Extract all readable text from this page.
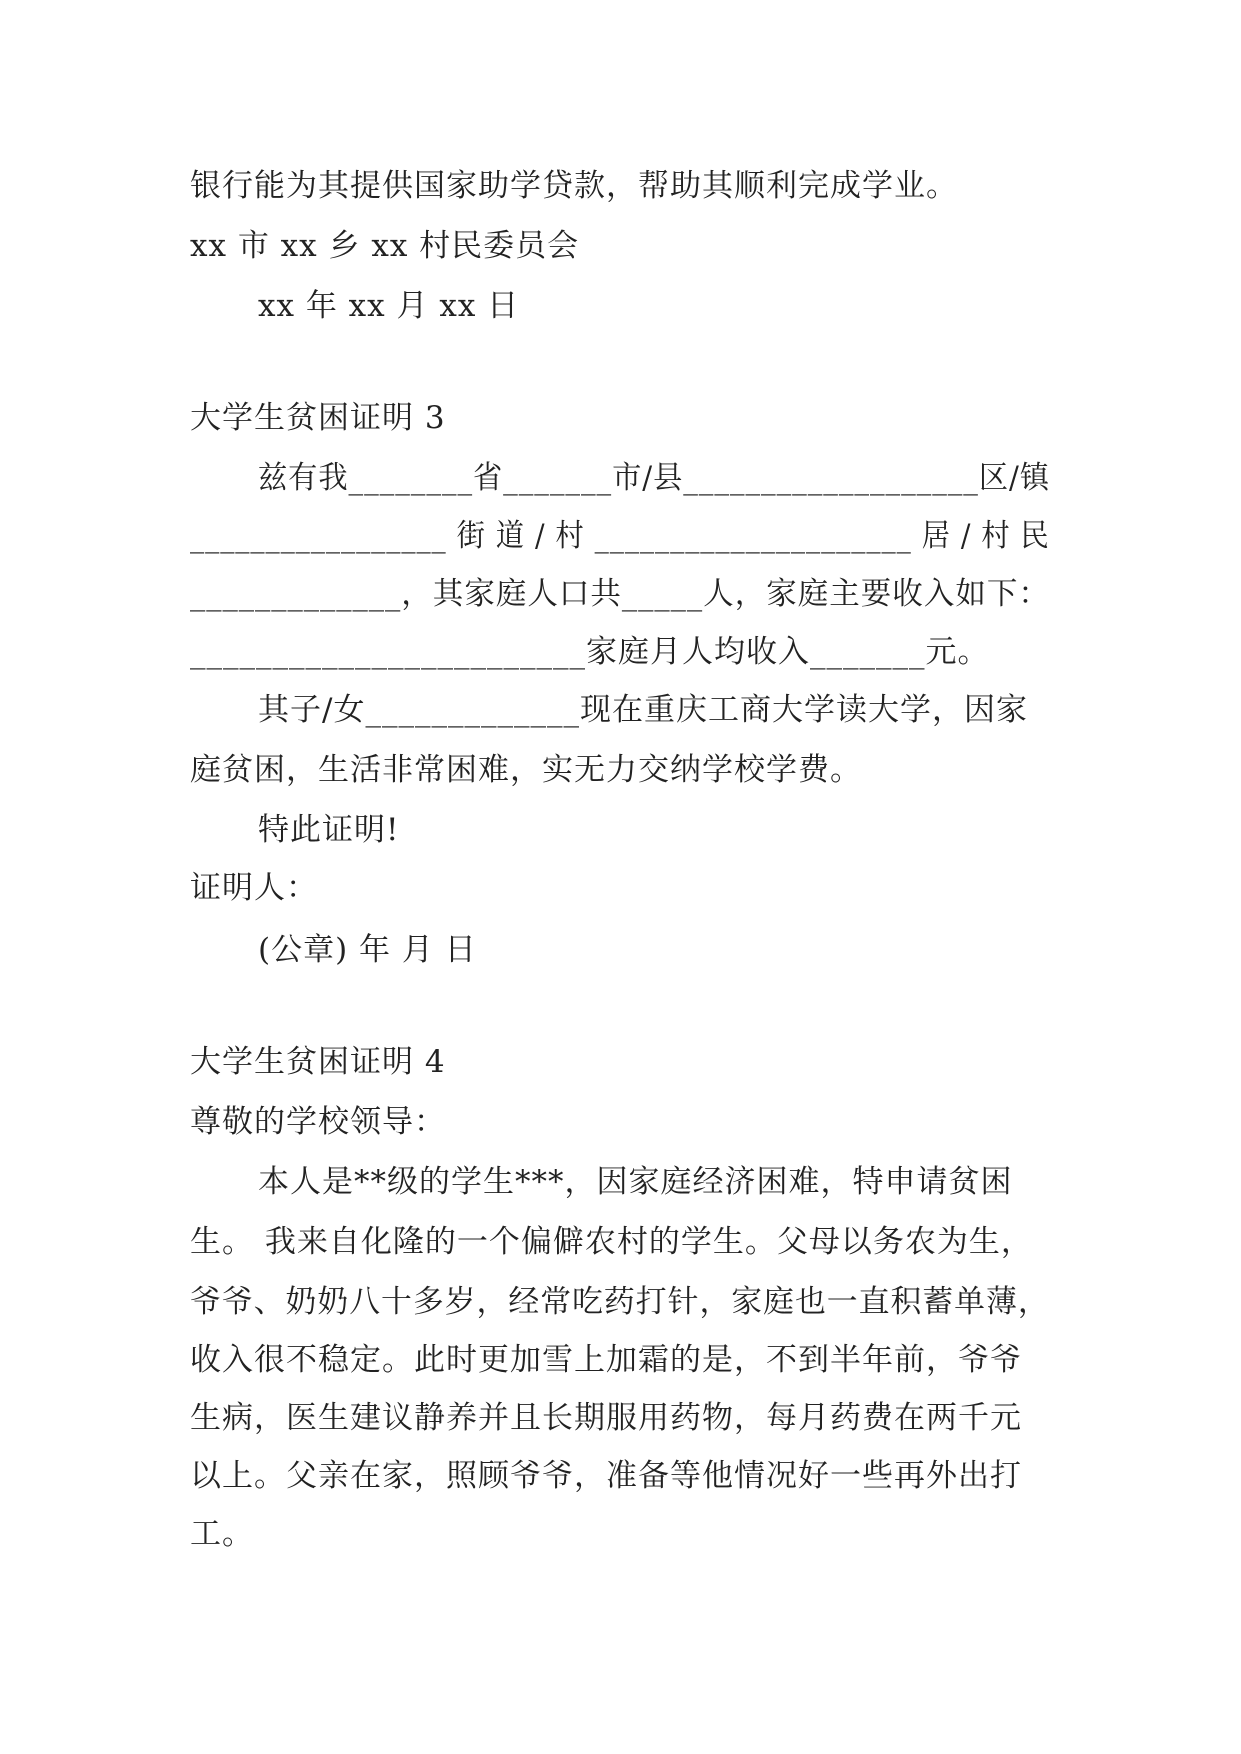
银行能为其提供国家助学贷款，帮助其顺利完成学业。
xx 市 xx 乡 xx 村民委员会
xx 年 xx 月 xx 日
大学生贫困证明 3
兹有我________省_______市/县___________________区/镇
_________________ 街 道 / 村 _____________________ 居 / 村 民
_____________，其家庭人口共_____人，家庭主要收入如下：
________________________家庭月人均收入_______元。
其子/女_____________现在重庆工商大学读大学，因家
庭贫困，生活非常困难，实无力交纳学校学费。
特此证明!
证明人：
(公章) 年 月 日
大学生贫困证明 4
尊敬的学校领导：
本人是**级的学生***，因家庭经济困难，特申请贫困
生。 我来自化隆的一个偏僻农村的学生。父母以务农为生，
爷爷、奶奶八十多岁，经常吃药打针，家庭也一直积蓄单薄，
收入很不稳定。此时更加雪上加霜的是，不到半年前，爷爷
生病，医生建议静养并且长期服用药物，每月药费在两千元
以上。父亲在家，照顾爷爷，准备等他情况好一些再外出打
工。
